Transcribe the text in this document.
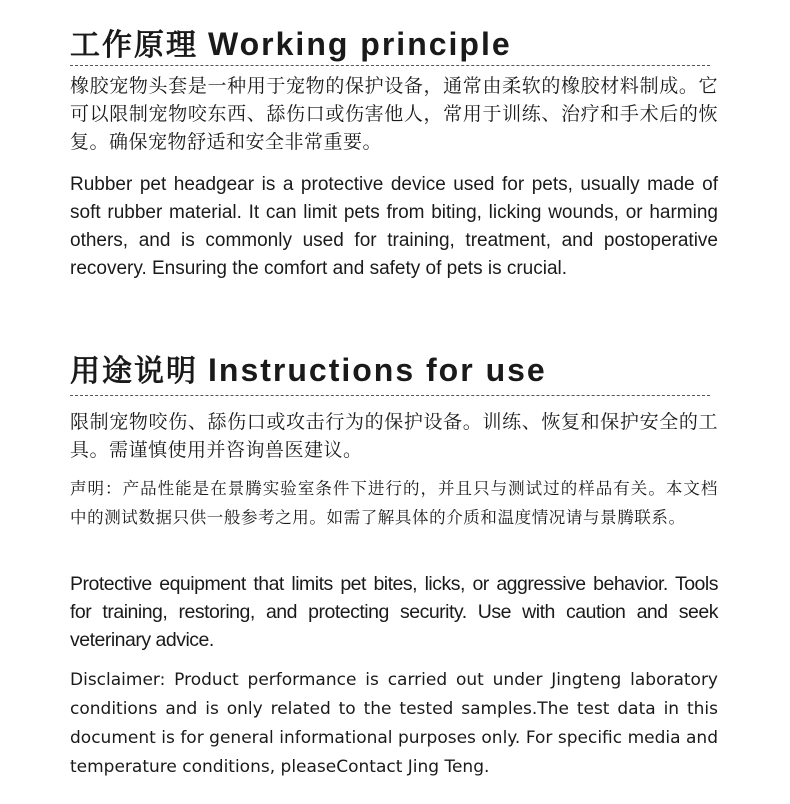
工作原理 Working principle

橡胶宠物头套是一种用于宠物的保护设备，通常由柔软的橡胶材料制成。它可以限制宠物咬东西、舔伤口或伤害他人，常用于训练、治疗和手术后的恢复。确保宠物舒适和安全非常重要。

Rubber pet headgear is a protective device used for pets, usually made of soft rubber material. It can limit pets from biting, licking wounds, or harming others, and is commonly used for training, treatment, and postoperative recovery. Ensuring the comfort and safety of pets is crucial.

用途说明 Instructions for use

限制宠物咬伤、舔伤口或攻击行为的保护设备。训练、恢复和保护安全的工具。需谨慎使用并咨询兽医建议。

声明：产品性能是在景腾实验室条件下进行的，并且只与测试过的样品有关。本文档中的测试数据只供一般参考之用。如需了解具体的介质和温度情况请与景腾联系。

Protective equipment that limits pet bites, licks, or aggressive behavior. Tools for training, restoring, and protecting security. Use with caution and seek veterinary advice.

Disclaimer: Product performance is carried out under Jingteng laboratory conditions and is only related to the tested samples.The test data in this document is for general informational purposes only. For specific media and temperature conditions, pleaseContact Jing Teng.
